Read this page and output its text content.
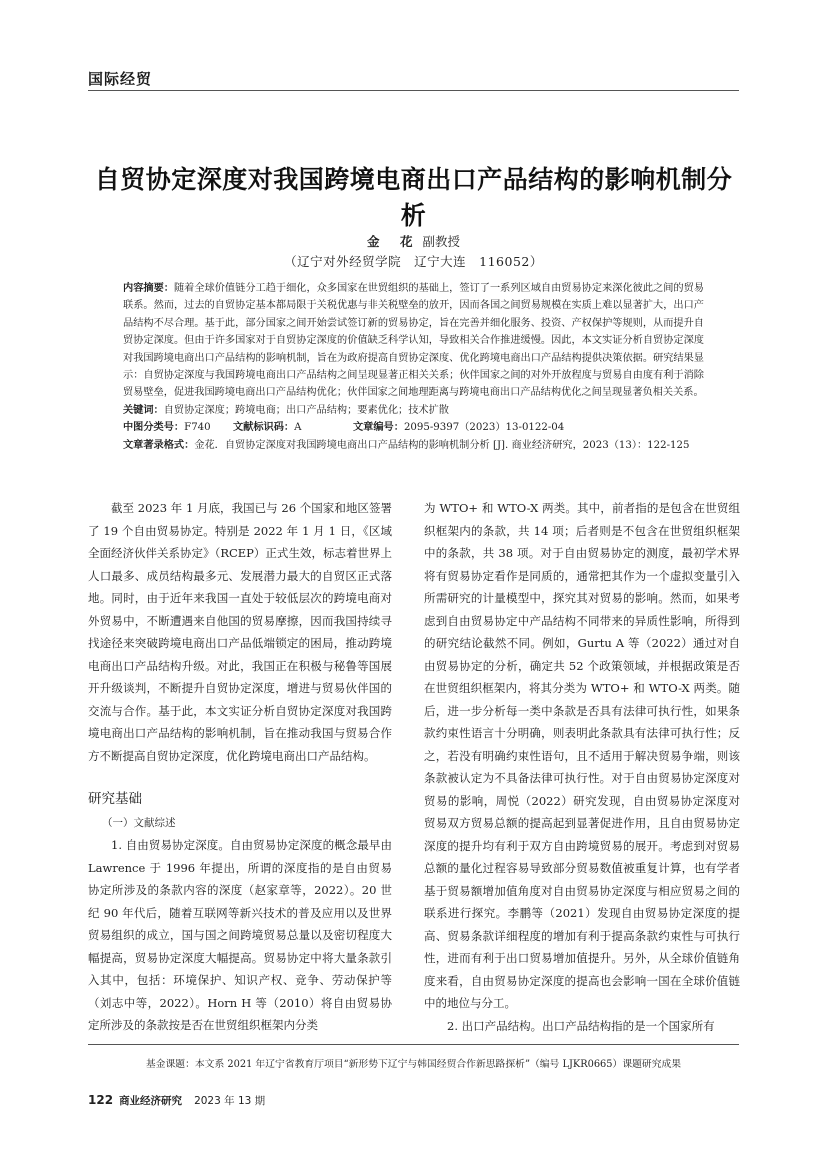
国际经贸
自贸协定深度对我国跨境电商出口产品结构的影响机制分析
金　花 副教授
（辽宁对外经贸学院　辽宁大连　116052）
内容摘要：随着全球价值链分工趋于细化，众多国家在世贸组织的基础上，签订了一系列区域自由贸易协定来深化彼此之间的贸易联系。然而，过去的自贸协定基本都局限于关税优惠与非关税壁垒的放开，因而各国之间贸易规模在实质上难以显著扩大，出口产品结构不尽合理。基于此，部分国家之间开始尝试签订新的贸易协定，旨在完善并细化服务、投资、产权保护等规则，从而提升自贸协定深度。但由于许多国家对于自贸协定深度的价值缺乏科学认知，导致相关合作推进缓慢。因此，本文实证分析自贸协定深度对我国跨境电商出口产品结构的影响机制，旨在为政府提高自贸协定深度、优化跨境电商出口产品结构提供决策依据。研究结果显示：自贸协定深度与我国跨境电商出口产品结构之间呈现显著正相关关系；伙伴国家之间的对外开放程度与贸易自由度有利于消除贸易壁垒，促进我国跨境电商出口产品结构优化；伙伴国家之间地理距离与跨境电商出口产品结构优化之间呈现显著负相关关系。
关键词：自贸协定深度；跨境电商；出口产品结构；要素优化；技术扩散
中图分类号：F740	文献标识码：A	文章编号：2095-9397（2023）13-0122-04
文章著录格式：金花．自贸协定深度对我国跨境电商出口产品结构的影响机制分析 [J]. 商业经济研究，2023（13）：122-125

截至 2023 年 1 月底，我国已与 26 个国家和地区签署了 19 个自由贸易协定。特别是 2022 年 1 月 1 日，《区域全面经济伙伴关系协定》（RCEP）正式生效，标志着世界上人口最多、成员结构最多元、发展潜力最大的自贸区正式落地。同时，由于近年来我国一直处于较低层次的跨境电商对外贸易中，不断遭遇来自他国的贸易摩擦，因而我国持续寻找途径来突破跨境电商出口产品低端锁定的困局，推动跨境电商出口产品结构升级。对此，我国正在积极与秘鲁等国展开升级谈判，不断提升自贸协定深度，增进与贸易伙伴国的交流与合作。基于此，本文实证分析自贸协定深度对我国跨境电商出口产品结构的影响机制，旨在推动我国与贸易合作方不断提高自贸协定深度，优化跨境电商出口产品结构。

研究基础

（一）文献综述

1. 自由贸易协定深度。自由贸易协定深度的概念最早由 Lawrence 于 1996 年提出，所谓的深度指的是自由贸易协定所涉及的条款内容的深度（赵家章等，2022）。20 世纪 90 年代后，随着互联网等新兴技术的普及应用以及世界贸易组织的成立，国与国之间跨境贸易总量以及密切程度大幅提高，贸易协定深度大幅提高。贸易协定中将大量条款引入其中，包括：环境保护、知识产权、竞争、劳动保护等（刘志中等，2022）。Horn H 等（2010）将自由贸易协定所涉及的条款按是否在世贸组织框架内分类

为 WTO+ 和 WTO-X 两类。其中，前者指的是包含在世贸组织框架内的条款，共 14 项；后者则是不包含在世贸组织框架中的条款，共 38 项。对于自由贸易协定的测度，最初学术界将有贸易协定看作是同质的，通常把其作为一个虚拟变量引入所需研究的计量模型中，探究其对贸易的影响。然而，如果考虑到自由贸易协定中产品结构不同带来的异质性影响，所得到的研究结论截然不同。例如，Gurtu A 等（2022）通过对自由贸易协定的分析，确定共 52 个政策领域，并根据政策是否在世贸组织框架内，将其分类为 WTO+ 和 WTO-X 两类。随后，进一步分析每一类中条款是否具有法律可执行性，如果条款约束性语言十分明确，则表明此条款具有法律可执行性；反之，若没有明确约束性语句，且不适用于解决贸易争端，则该条款被认定为不具备法律可执行性。对于自由贸易协定深度对贸易的影响，周悦（2022）研究发现，自由贸易协定深度对贸易双方贸易总额的提高起到显著促进作用，且自由贸易协定深度的提升均有利于双方自由跨境贸易的展开。考虑到对贸易总额的量化过程容易导致部分贸易数值被重复计算，也有学者基于贸易额增加值角度对自由贸易协定深度与相应贸易之间的联系进行探究。李鹏等（2021）发现自由贸易协定深度的提高、贸易条款详细程度的增加有利于提高条款约束性与可执行性，进而有利于出口贸易增加值提升。另外，从全球价值链角度来看，自由贸易协定深度的提高也会影响一国在全球价值链中的地位与分工。

2. 出口产品结构。出口产品结构指的是一个国家所有

基金课题：本文系 2021 年辽宁省教育厅项目“新形势下辽宁与韩国经贸合作新思路探析”（编号 LJKR0665）课题研究成果
122 商业经济研究 2023 年 13 期
